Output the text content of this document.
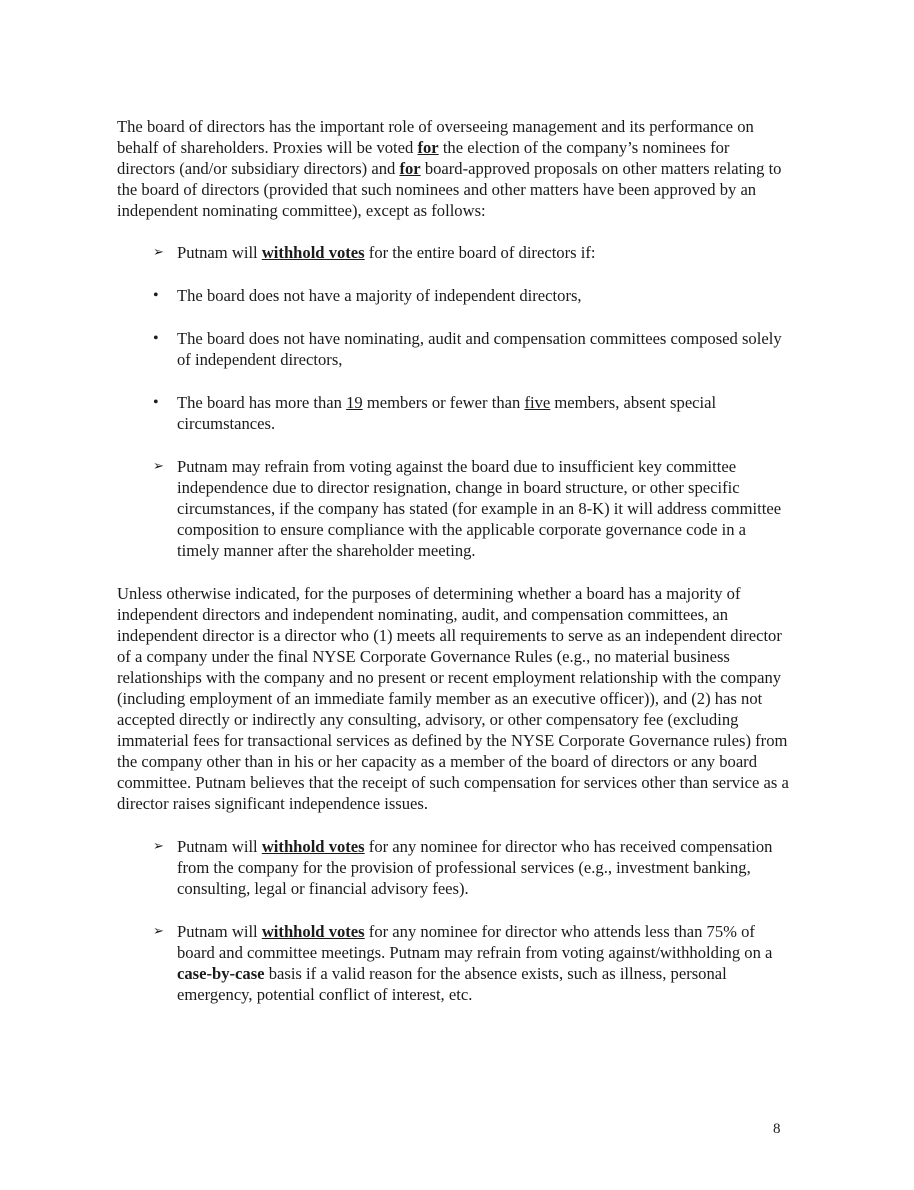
The board of directors has the important role of overseeing management and its performance on behalf of shareholders. Proxies will be voted for the election of the company’s nominees for directors (and/or subsidiary directors) and for board-approved proposals on other matters relating to the board of directors (provided that such nominees and other matters have been approved by an independent nominating committee), except as follows:

➢ Putnam will withhold votes for the entire board of directors if:
•	The board does not have a majority of independent directors,
•	The board does not have nominating, audit and compensation committees composed solely of independent directors,
•	The board has more than 19 members or fewer than five members, absent special circumstances.
➢ Putnam may refrain from voting against the board due to insufficient key committee independence due to director resignation, change in board structure, or other specific circumstances, if the company has stated (for example in an 8-K) it will address committee composition to ensure compliance with the applicable corporate governance code in a timely manner after the shareholder meeting.

Unless otherwise indicated, for the purposes of determining whether a board has a majority of independent directors and independent nominating, audit, and compensation committees, an independent director is a director who (1) meets all requirements to serve as an independent director of a company under the final NYSE Corporate Governance Rules (e.g., no material business relationships with the company and no present or recent employment relationship with the company (including employment of an immediate family member as an executive officer)), and (2) has not accepted directly or indirectly any consulting, advisory, or other compensatory fee (excluding immaterial fees for transactional services as defined by the NYSE Corporate Governance rules) from the company other than in his or her capacity as a member of the board of directors or any board committee. Putnam believes that the receipt of such compensation for services other than service as a director raises significant independence issues.

➢ Putnam will withhold votes for any nominee for director who has received compensation from the company for the provision of professional services (e.g., investment banking, consulting, legal or financial advisory fees).
➢ Putnam will withhold votes for any nominee for director who attends less than 75% of board and committee meetings. Putnam may refrain from voting against/withholding on a case-by-case basis if a valid reason for the absence exists, such as illness, personal emergency, potential conflict of interest, etc.
8
